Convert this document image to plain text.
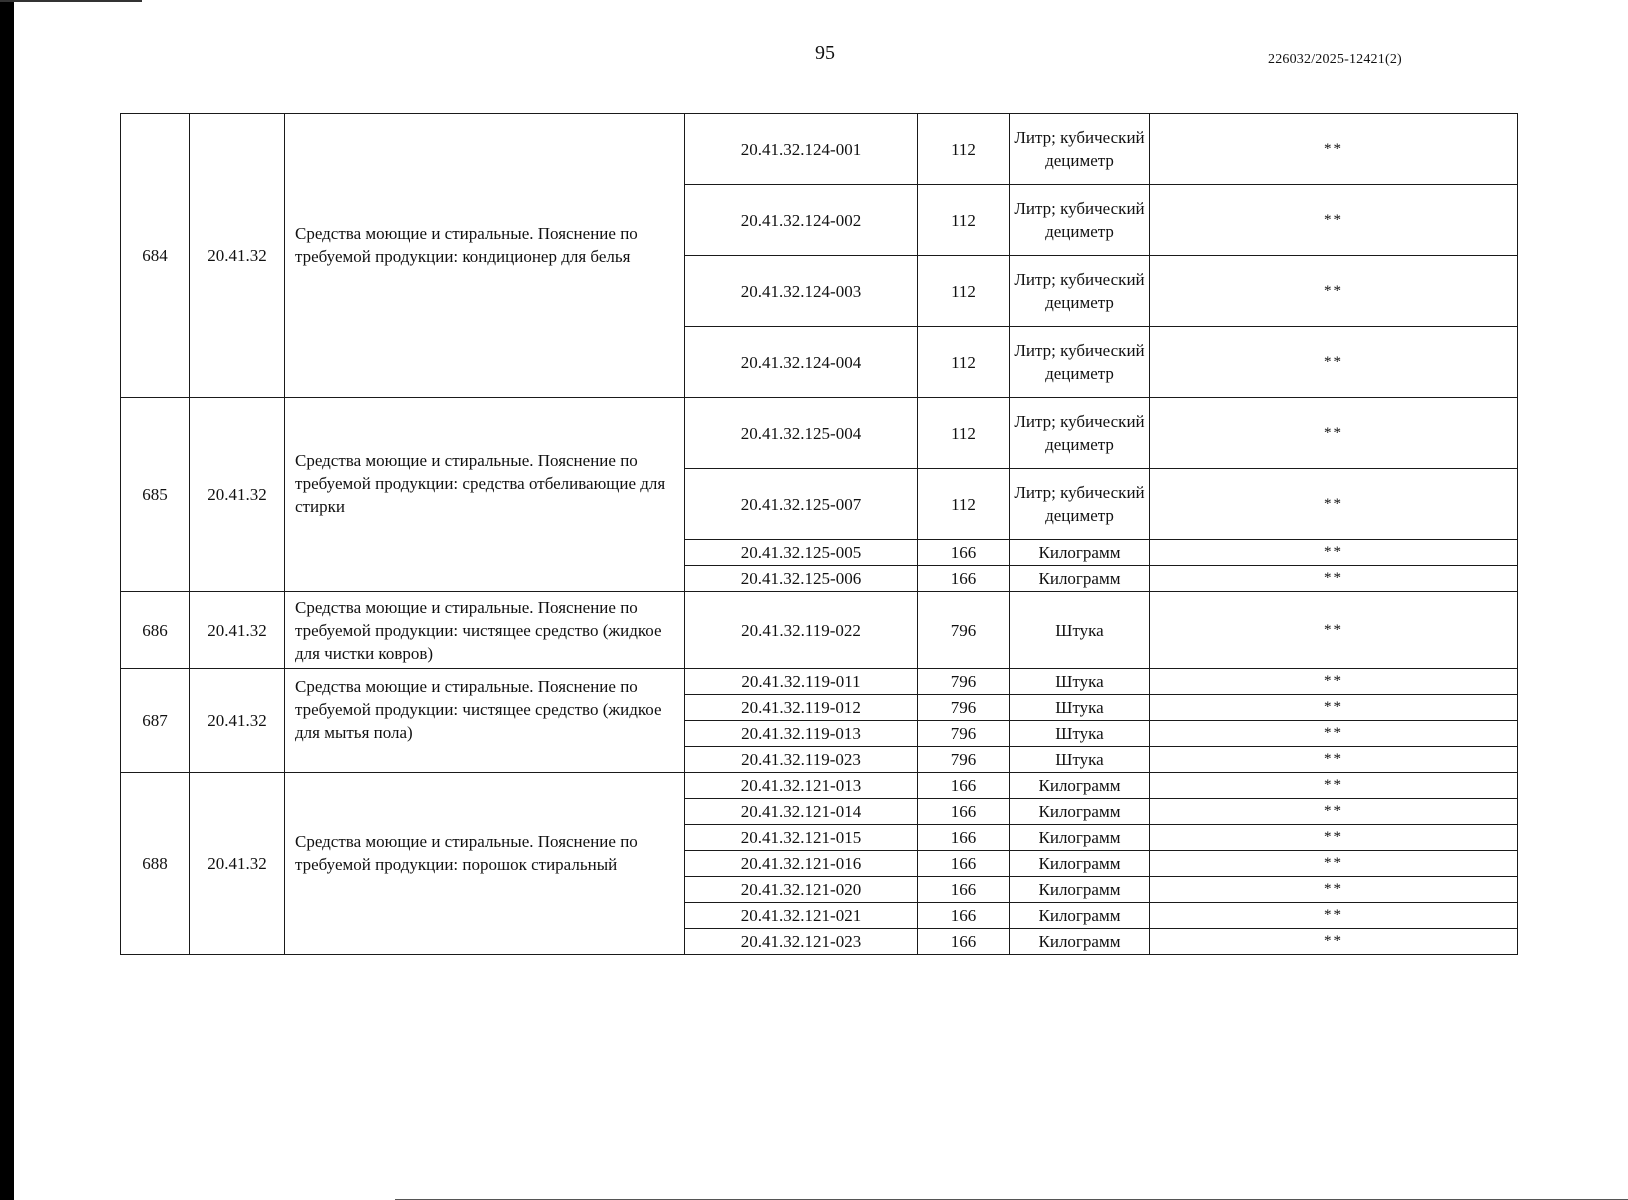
95	226032/2025-12421(2)
684	20.41.32	Средства моющие и стиральные. Пояснение по требуемой продукции: кондиционер для белья	20.41.32.124-001	112	Литр; кубический дециметр	**
			20.41.32.124-002	112	Литр; кубический дециметр	**
			20.41.32.124-003	112	Литр; кубический дециметр	**
			20.41.32.124-004	112	Литр; кубический дециметр	**
685	20.41.32	Средства моющие и стиральные. Пояснение по требуемой продукции: средства отбеливающие для стирки	20.41.32.125-004	112	Литр; кубический дециметр	**
			20.41.32.125-007	112	Литр; кубический дециметр	**
			20.41.32.125-005	166	Килограмм	**
			20.41.32.125-006	166	Килограмм	**
686	20.41.32	Средства моющие и стиральные. Пояснение по требуемой продукции: чистящее средство (жидкое для чистки ковров)	20.41.32.119-022	796	Штука	**
687	20.41.32	Средства моющие и стиральные. Пояснение по требуемой продукции: чистящее средство (жидкое для мытья пола)	20.41.32.119-011	796	Штука	**
			20.41.32.119-012	796	Штука	**
			20.41.32.119-013	796	Штука	**
			20.41.32.119-023	796	Штука	**
688	20.41.32	Средства моющие и стиральные. Пояснение по требуемой продукции: порошок стиральный	20.41.32.121-013	166	Килограмм	**
			20.41.32.121-014	166	Килограмм	**
			20.41.32.121-015	166	Килограмм	**
			20.41.32.121-016	166	Килограмм	**
			20.41.32.121-020	166	Килограмм	**
			20.41.32.121-021	166	Килограмм	**
			20.41.32.121-023	166	Килограмм	**
